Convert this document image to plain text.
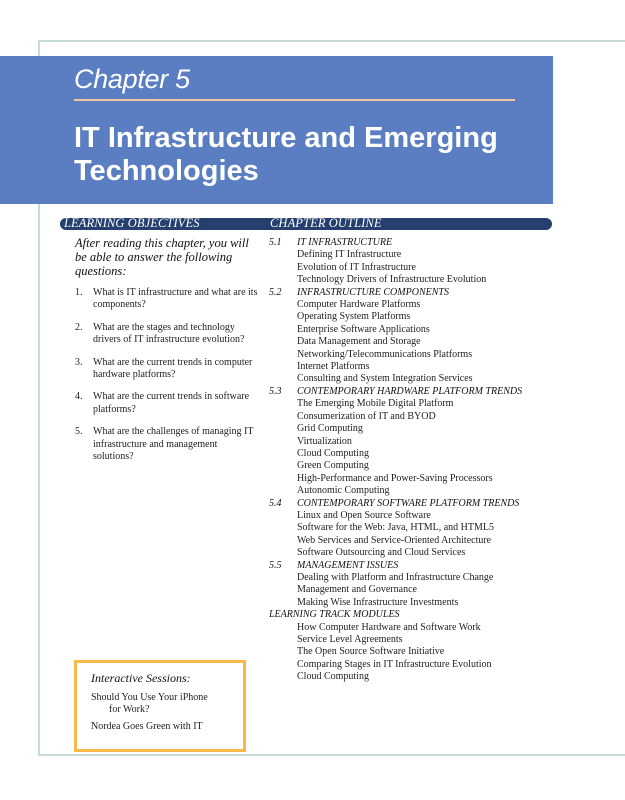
Chapter 5
IT Infrastructure and Emerging Technologies
LEARNING OBJECTIVES	CHAPTER OUTLINE
After reading this chapter, you will be able to answer the following questions:
1.	What is IT infrastructure and what are its components?
2.	What are the stages and technology drivers of IT infrastructure evolution?
3.	What are the current trends in computer hardware platforms?
4.	What are the current trends in software platforms?
5.	What are the challenges of managing IT infrastructure and management solutions?
5.1	IT INFRASTRUCTURE
Defining IT Infrastructure
Evolution of IT Infrastructure
Technology Drivers of Infrastructure Evolution
5.2	INFRASTRUCTURE COMPONENTS
Computer Hardware Platforms
Operating System Platforms
Enterprise Software Applications
Data Management and Storage
Networking/Telecommunications Platforms
Internet Platforms
Consulting and System Integration Services
5.3	CONTEMPORARY HARDWARE PLATFORM TRENDS
The Emerging Mobile Digital Platform
Consumerization of IT and BYOD
Grid Computing
Virtualization
Cloud Computing
Green Computing
High-Performance and Power-Saving Processors
Autonomic Computing
5.4	CONTEMPORARY SOFTWARE PLATFORM TRENDS
Linux and Open Source Software
Software for the Web: Java, HTML, and HTML5
Web Services and Service-Oriented Architecture
Software Outsourcing and Cloud Services
5.5	MANAGEMENT ISSUES
Dealing with Platform and Infrastructure Change
Management and Governance
Making Wise Infrastructure Investments
LEARNING TRACK MODULES
How Computer Hardware and Software Work
Service Level Agreements
The Open Source Software Initiative
Comparing Stages in IT Infrastructure Evolution
Cloud Computing
Interactive Sessions:
Should You Use Your iPhone
for Work?
Nordea Goes Green with IT
